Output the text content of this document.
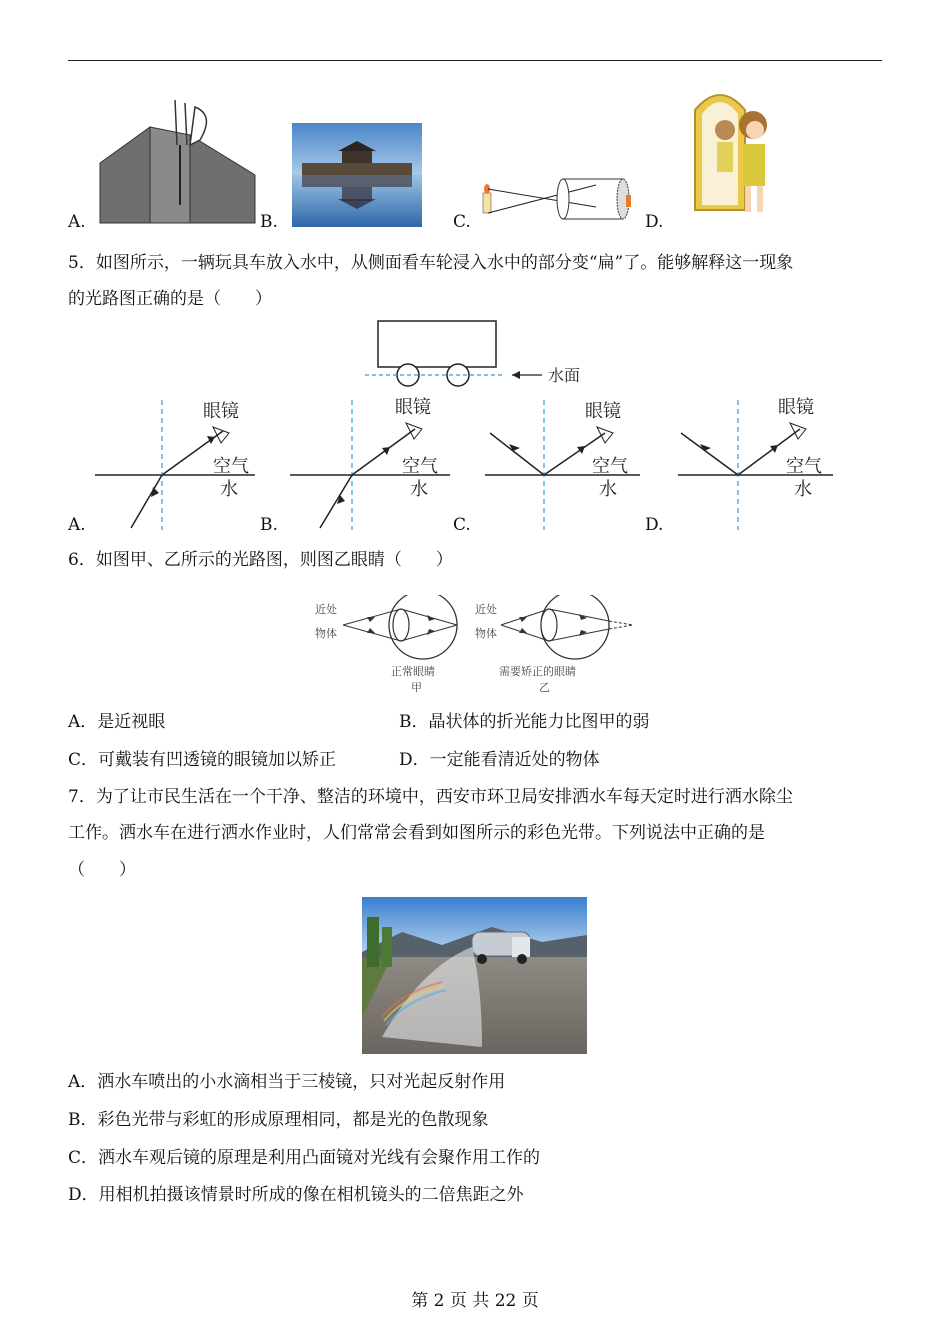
A.	B.	C.	D.
5．如图所示，一辆玩具车放入水中，从侧面看车轮浸入水中的部分变“扁”了。能够解释这一现象
的光路图正确的是（　　）
水面
眼镜
空气
水
A.
眼镜
空气
水
B.
眼镜
空气
水
C.
眼镜
空气
水
D.
6．如图甲、乙所示的光路图，则图乙眼睛（　　）
近处
物体
正常眼睛
甲
近处
物体
需要矫正的眼睛
乙
A．是近视眼	B．晶状体的折光能力比图甲的弱
C．可戴装有凹透镜的眼镜加以矫正	D．一定能看清近处的物体
7．为了让市民生活在一个干净、整洁的环境中，西安市环卫局安排洒水车每天定时进行洒水除尘
工作。洒水车在进行洒水作业时，人们常常会看到如图所示的彩色光带。下列说法中正确的是
（　　）
A．洒水车喷出的小水滴相当于三棱镜，只对光起反射作用
B．彩色光带与彩虹的形成原理相同，都是光的色散现象
C．洒水车观后镜的原理是利用凸面镜对光线有会聚作用工作的
D．用相机拍摄该情景时所成的像在相机镜头的二倍焦距之外
第 2 页 共 22 页
